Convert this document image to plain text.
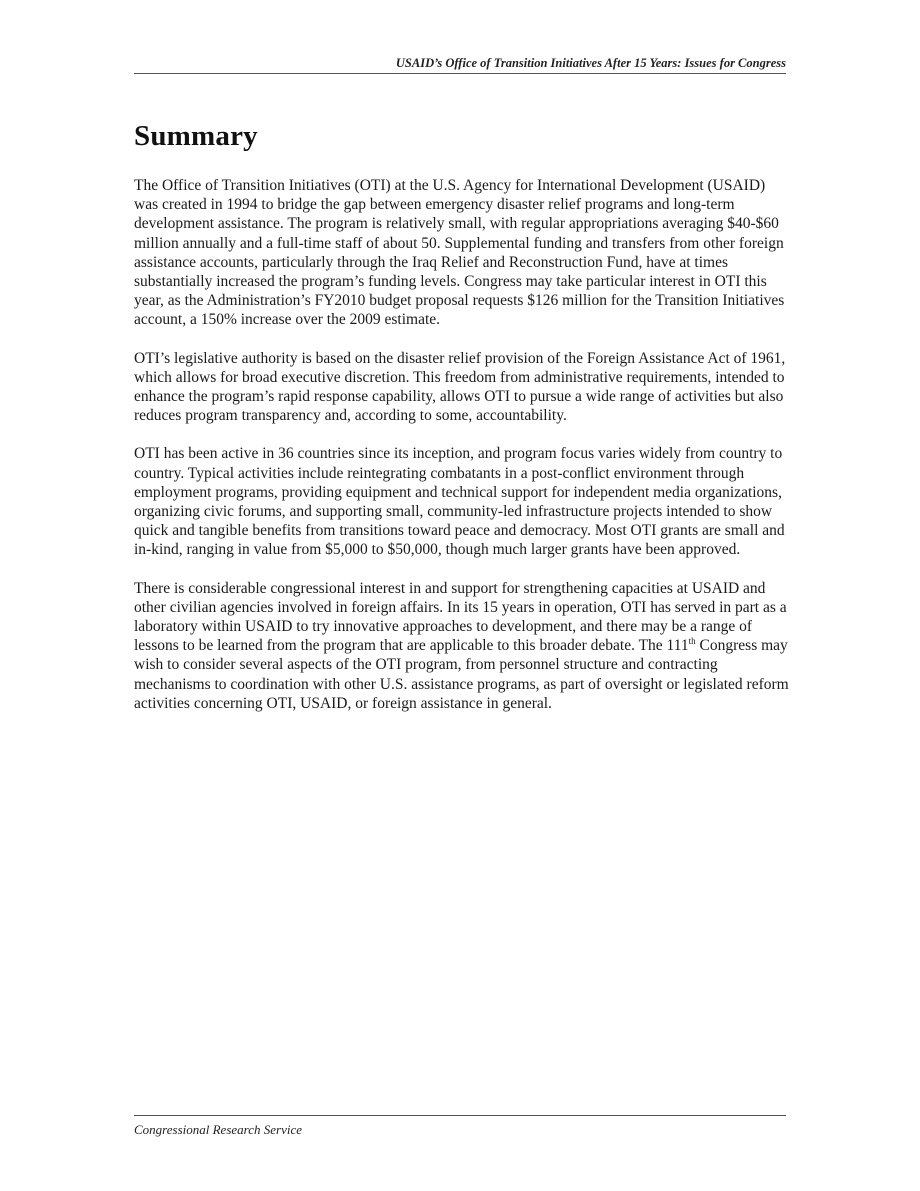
USAID’s Office of Transition Initiatives After 15 Years: Issues for Congress
Summary

The Office of Transition Initiatives (OTI) at the U.S. Agency for International Development (USAID) was created in 1994 to bridge the gap between emergency disaster relief programs and long-term development assistance. The program is relatively small, with regular appropriations averaging $40-$60 million annually and a full-time staff of about 50. Supplemental funding and transfers from other foreign assistance accounts, particularly through the Iraq Relief and Reconstruction Fund, have at times substantially increased the program’s funding levels. Congress may take particular interest in OTI this year, as the Administration’s FY2010 budget proposal requests $126 million for the Transition Initiatives account, a 150% increase over the 2009 estimate.

OTI’s legislative authority is based on the disaster relief provision of the Foreign Assistance Act of 1961, which allows for broad executive discretion. This freedom from administrative requirements, intended to enhance the program’s rapid response capability, allows OTI to pursue a wide range of activities but also reduces program transparency and, according to some, accountability.

OTI has been active in 36 countries since its inception, and program focus varies widely from country to country. Typical activities include reintegrating combatants in a post-conflict environment through employment programs, providing equipment and technical support for independent media organizations, organizing civic forums, and supporting small, community-led infrastructure projects intended to show quick and tangible benefits from transitions toward peace and democracy. Most OTI grants are small and in-kind, ranging in value from $5,000 to $50,000, though much larger grants have been approved.

There is considerable congressional interest in and support for strengthening capacities at USAID and other civilian agencies involved in foreign affairs. In its 15 years in operation, OTI has served in part as a laboratory within USAID to try innovative approaches to development, and there may be a range of lessons to be learned from the program that are applicable to this broader debate. The 111th Congress may wish to consider several aspects of the OTI program, from personnel structure and contracting mechanisms to coordination with other U.S. assistance programs, as part of oversight or legislated reform activities concerning OTI, USAID, or foreign assistance in general.

Congressional Research Service
